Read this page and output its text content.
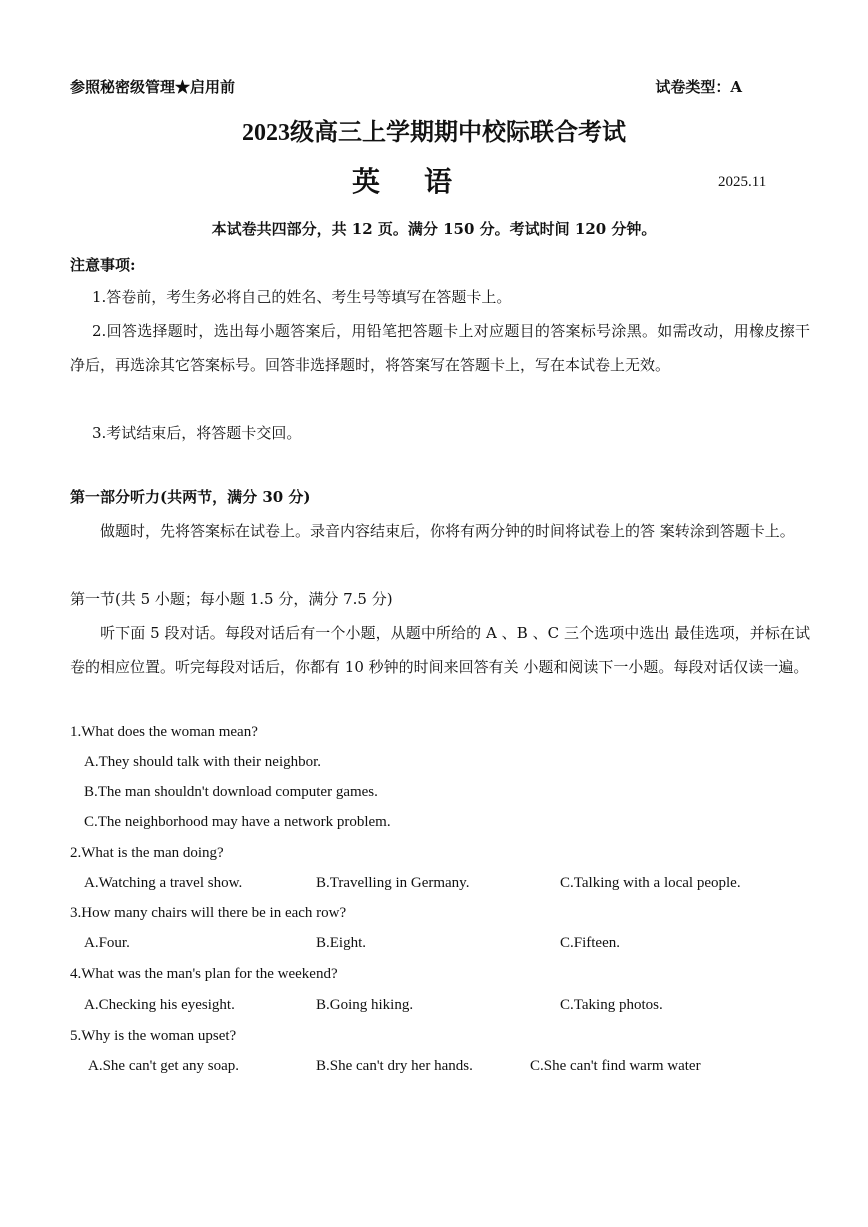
参照秘密级管理★启用前	试卷类型：A
2023级高三上学期期中校际联合考试
英语	2025.11
本试卷共四部分，共 12 页。满分 150 分。考试时间 120 分钟。
注意事项:
1.答卷前，考生务必将自己的姓名、考生号等填写在答题卡上。
2.回答选择题时，选出每小题答案后，用铅笔把答题卡上对应题目的答案标号涂黑。如需改动，用橡皮擦干净后，再选涂其它答案标号。回答非选择题时，将答案写在答题卡上，写在本试卷上无效。
3.考试结束后，将答题卡交回。
第一部分听力(共两节，满分 30 分)
做题时，先将答案标在试卷上。录音内容结束后，你将有两分钟的时间将试卷上的答 案转涂到答题卡上。
第一节(共 5 小题；每小题 1.5 分，满分 7.5 分)
听下面 5 段对话。每段对话后有一个小题，从题中所给的 A 、B 、C 三个选项中选出 最佳选项，并标在试卷的相应位置。听完每段对话后，你都有 10 秒钟的时间来回答有关 小题和阅读下一小题。每段对话仅读一遍。
1.What does the woman mean?
A.They should talk with their neighbor.
B.The man shouldn't download computer games.
C.The neighborhood may have a network problem.
2.What is the man doing?
A.Watching a travel show.	B.Travelling in Germany.	C.Talking with a local people.
3.How many chairs will there be in each row?
A.Four.	B.Eight.	C.Fifteen.
4.What was the man's plan for the weekend?
A.Checking his eyesight.	B.Going hiking.	C.Taking photos.
5.Why is the woman upset?
A.She can't get any soap.	B.She can't dry her hands.	C.She can't find warm water
